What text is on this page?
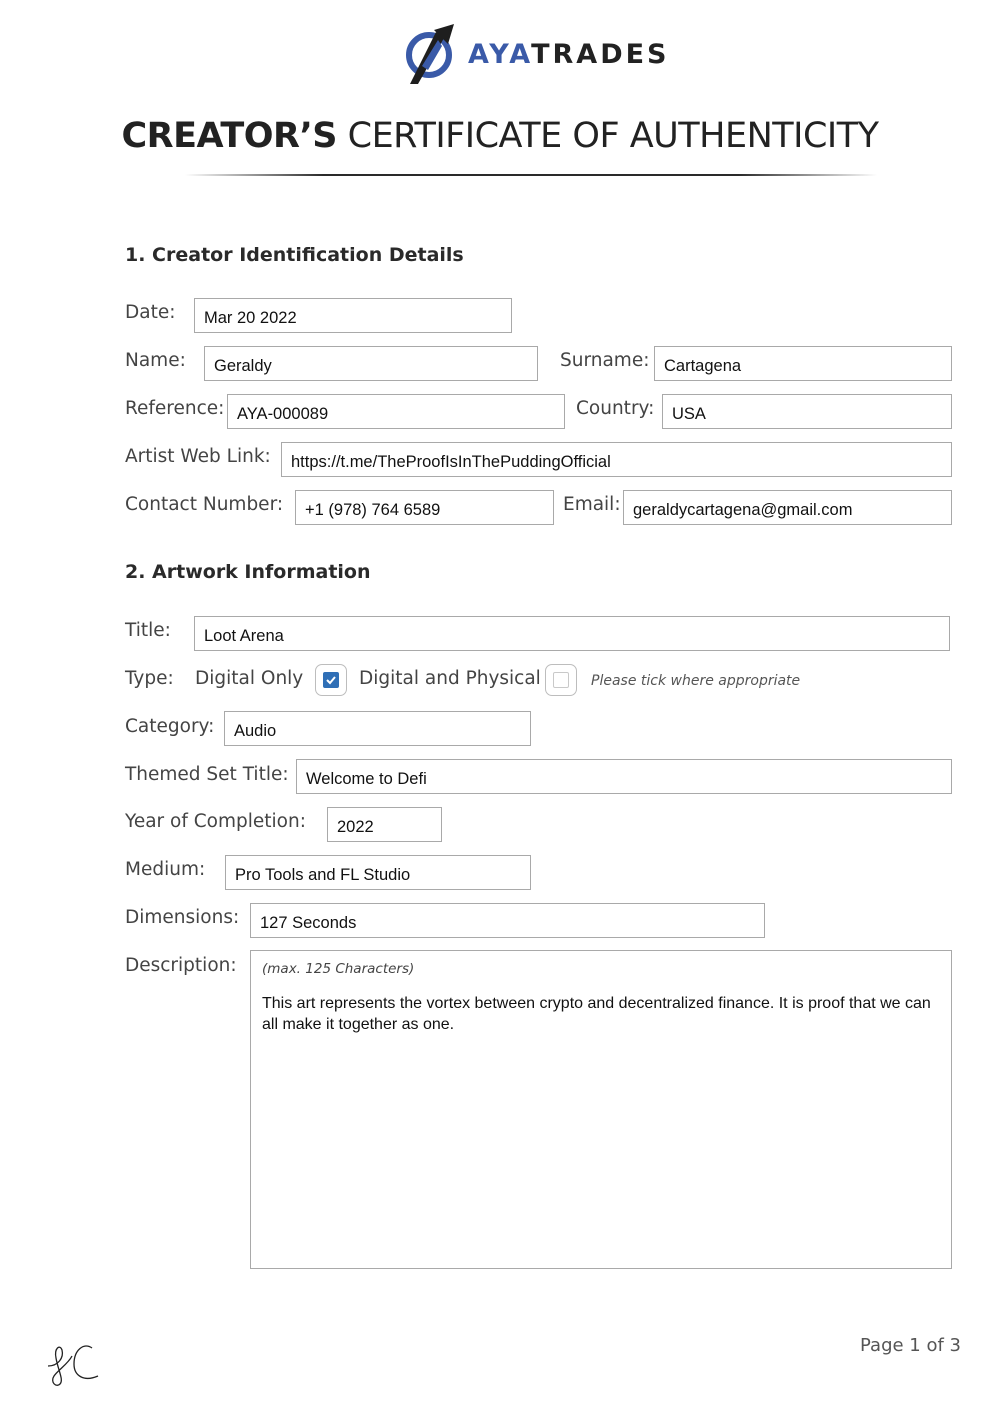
AYATRADES
CREATOR’S CERTIFICATE OF AUTHENTICITY
1. Creator Identification Details
Date:	Mar 20 2022
Name:	Geraldy	Surname: Cartagena
Reference: AYA-000089	Country:	USA
Artist Web Link:	https://t.me/TheProofIsInThePuddingOfficial
Contact Number:	+1 (978) 764 6589	Email: geraldycartagena@gmail.com
2. Artwork Information
Title:	Loot Arena
Type: Digital Only	Digital and Physical	Please tick where appropriate
Category:	Audio
Themed Set Title:	Welcome to Defi
Year of Completion:	2022
Medium:	Pro Tools and FL Studio
Dimensions:	127 Seconds
Description: (max. 125 Characters)
This art represents the vortex between crypto and decentralized finance. It is proof that we can all make it together as one.
Page 1 of 3
